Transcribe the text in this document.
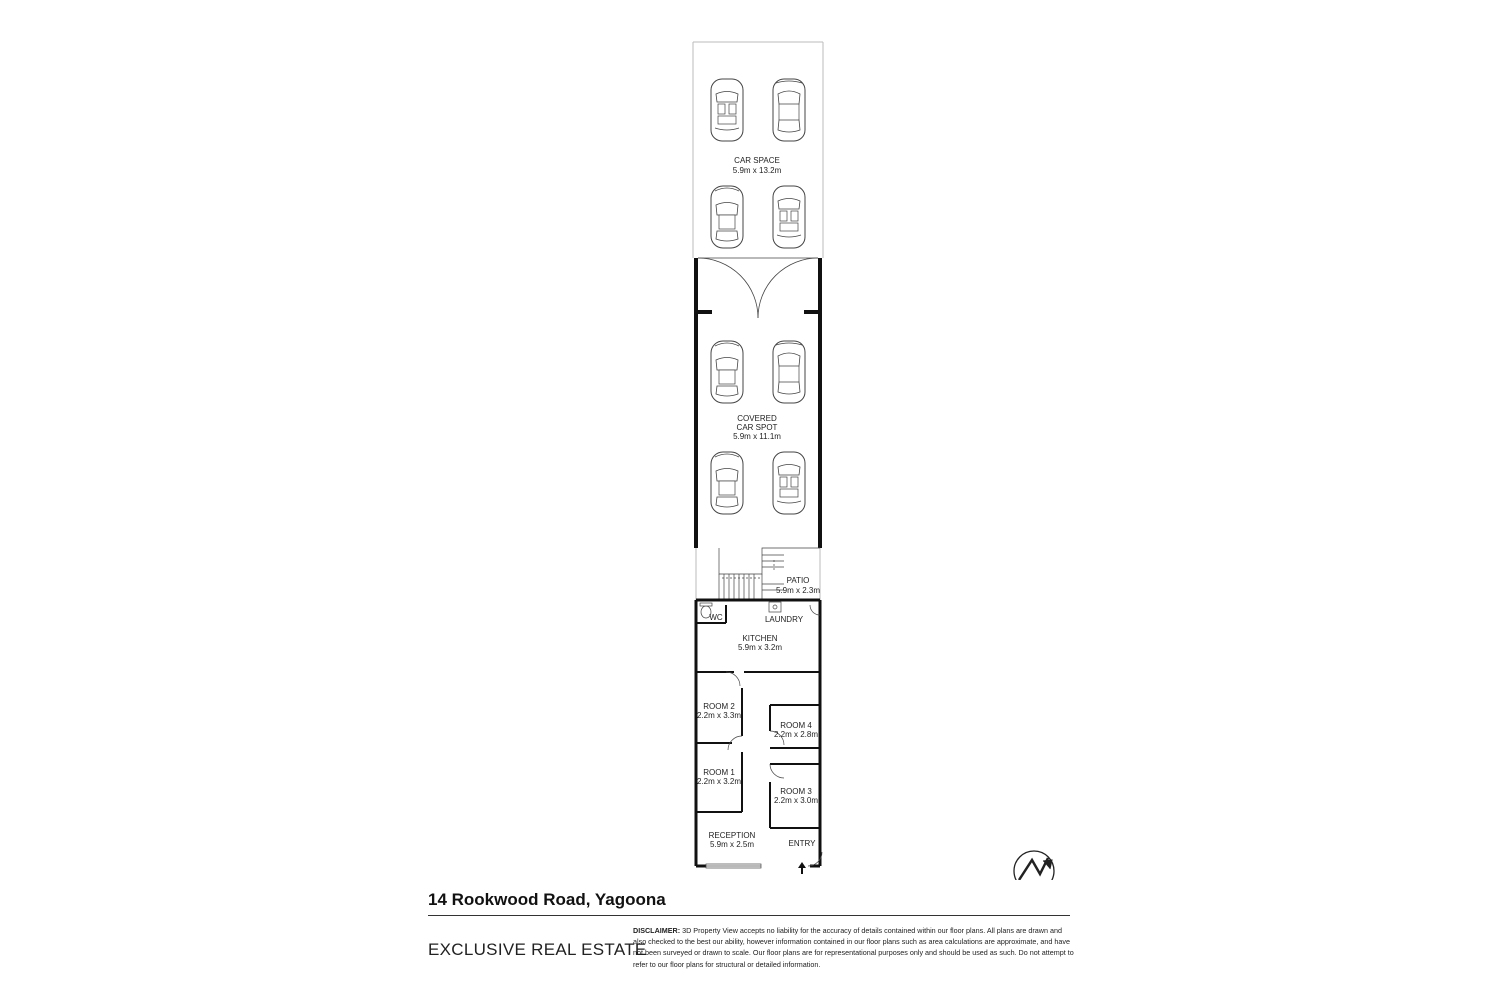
CAR SPACE
5.9m x 13.2m
COVERED
CAR SPOT
5.9m x 11.1m
PATIO
5.9m x 2.3m
WC	LAUNDRY
KITCHEN
5.9m x 3.2m
ROOM 2
2.2m x 3.3m
ROOM 4
2.2m x 2.8m
ROOM 1
2.2m x 3.2m
ROOM 3
2.2m x 3.0m
RECEPTION
5.9m x 2.5m	ENTRY
14 Rookwood Road, Yagoona
EXCLUSIVE REAL ESTATE
DISCLAIMER: 3D Property View accepts no liability for the accuracy of details contained within our floor plans. All plans are drawn and also checked to the best our ability, however information contained in our floor plans such as area calculations are approximate, and have not been surveyed or drawn to scale. Our floor plans are for representational purposes only and should be used as such. Do not attempt to refer to our floor plans for structural or detailed information.
